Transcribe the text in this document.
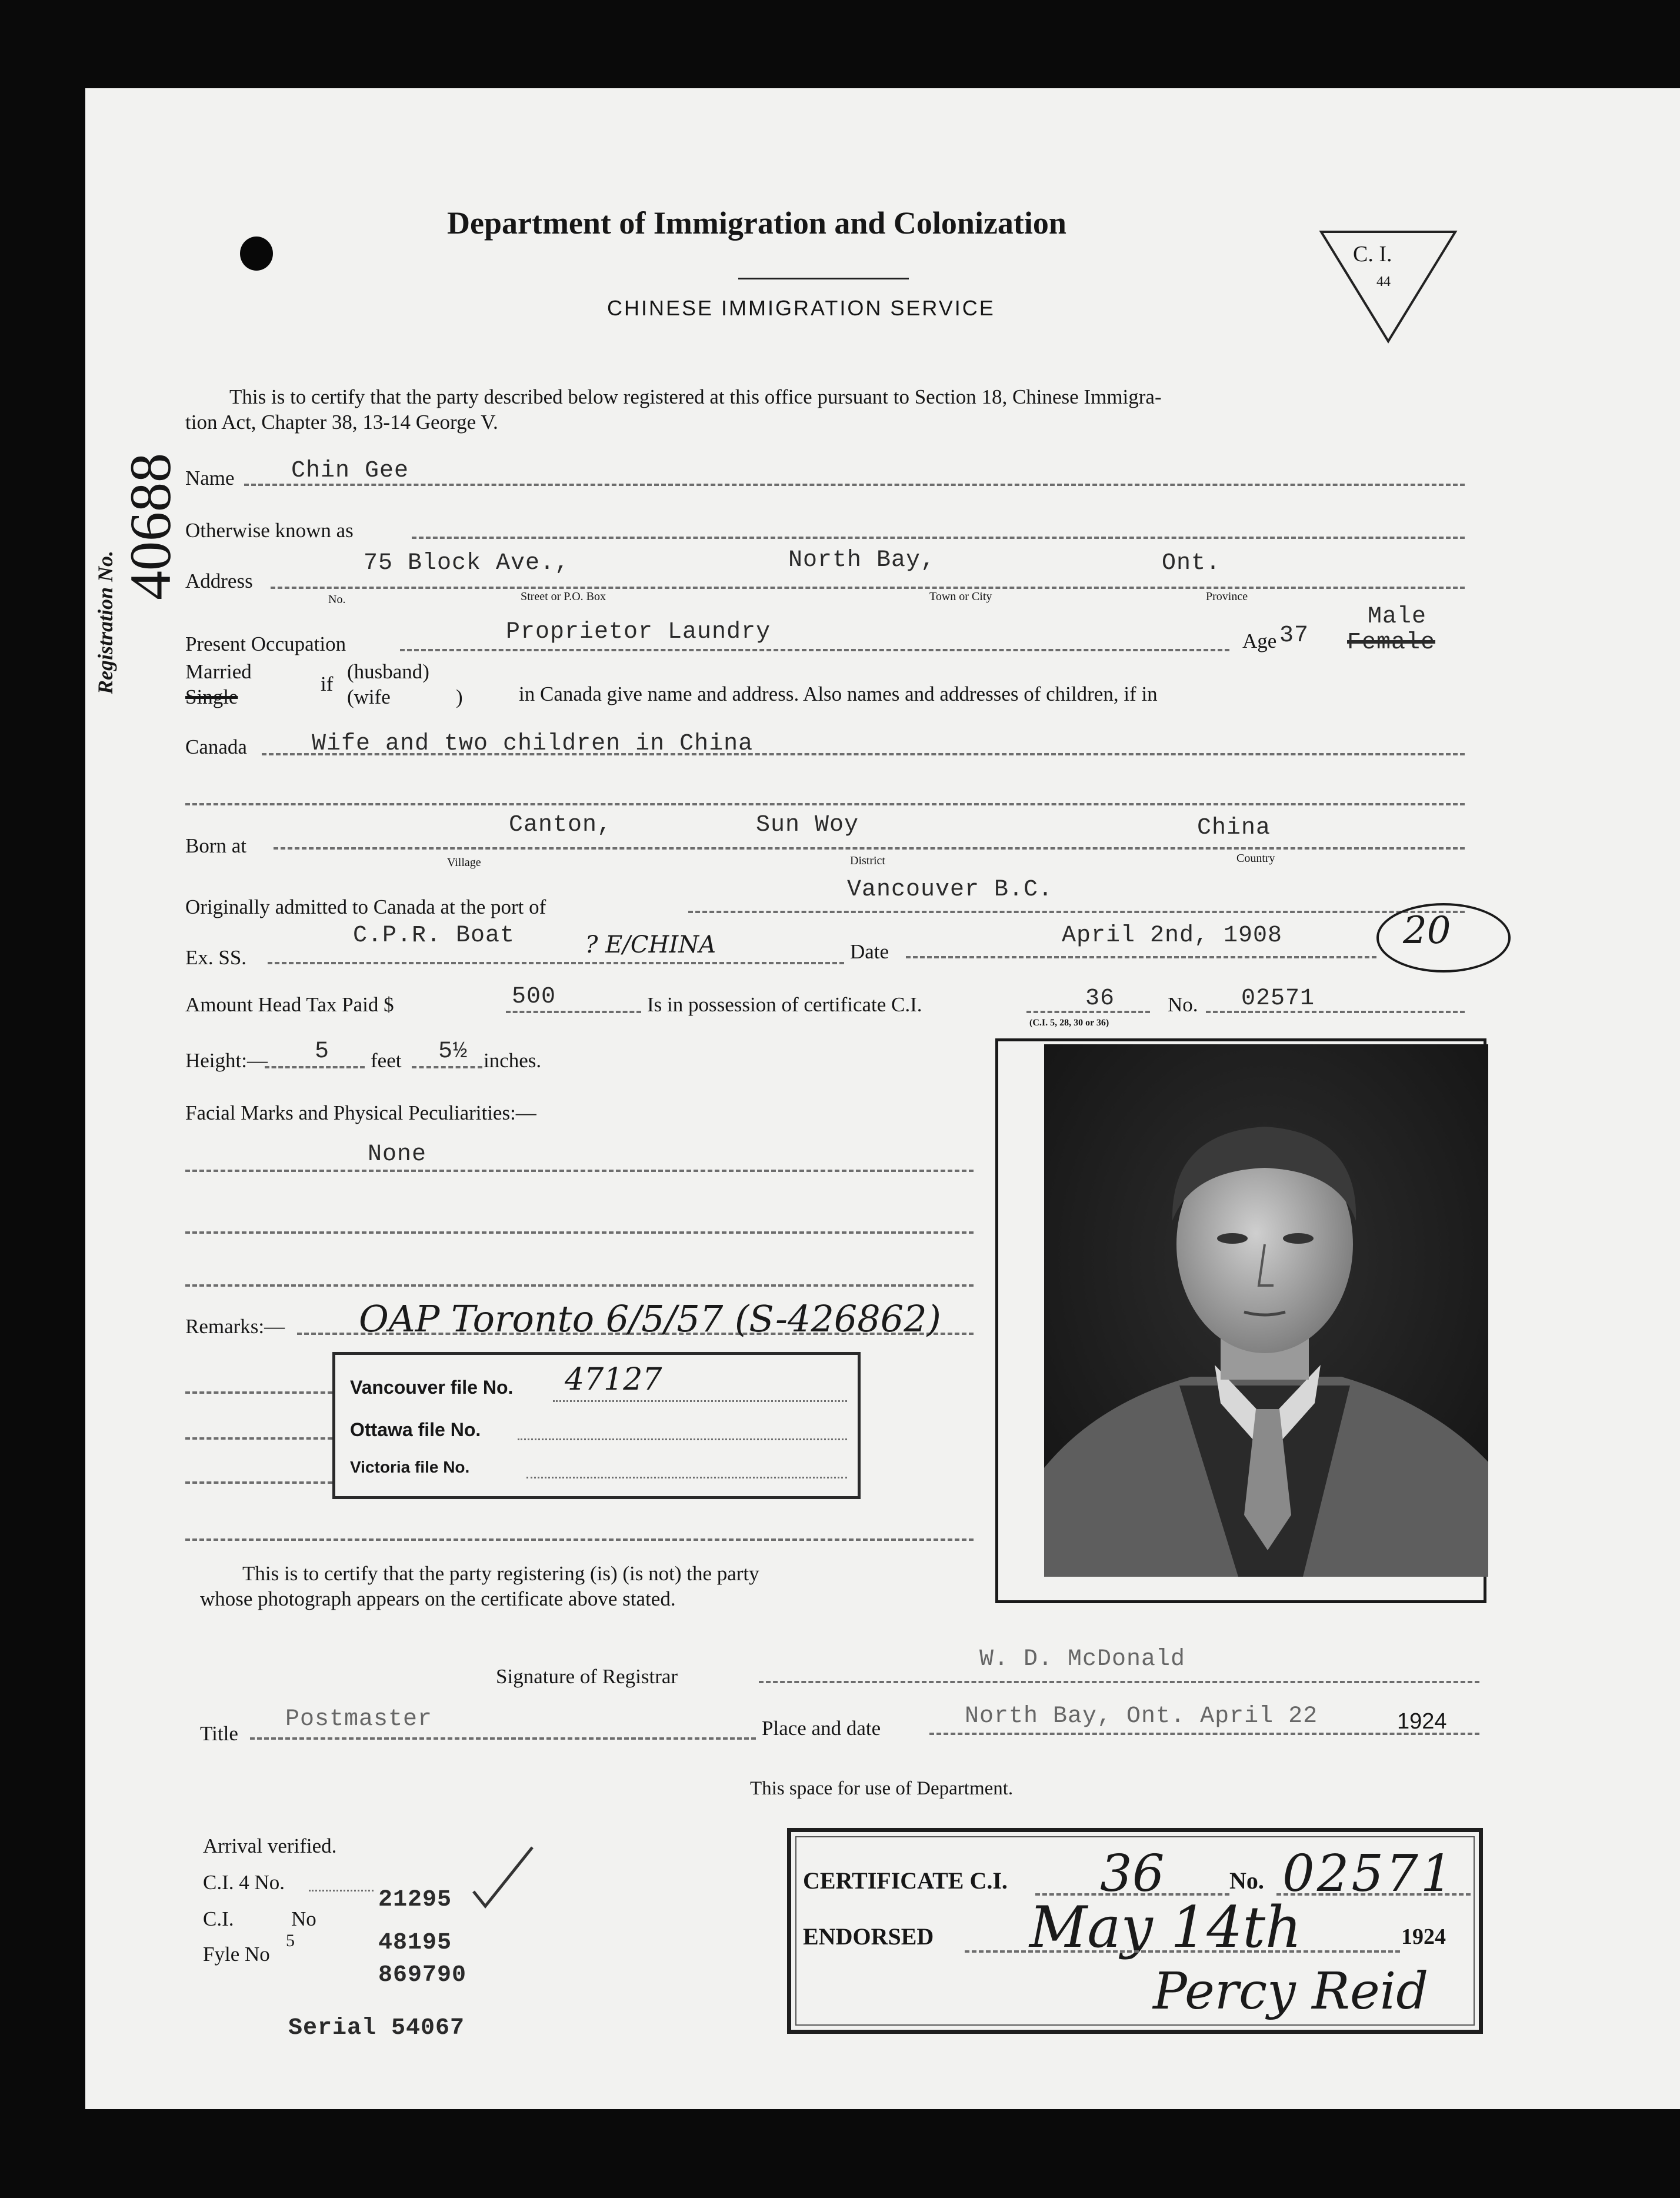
Department of Immigration and Colonization
CHINESE IMMIGRATION SERVICE
C. I.
44
Registration No.
40688
This is to certify that the party described below registered at this office pursuant to Section 18, Chinese Immigra-
tion Act, Chapter 38, 13-14 George V.
Name Chin Gee
Otherwise known as
Address
75 Block Ave.,	North Bay,	Ont.
No.	Street or P.O. Box	Town or City	Province
Present Occupation	Proprietor Laundry	Age 37
Male
Female
Married
Single
if
(husband)
(wife	)	in Canada give name and address. Also names and addresses of children, if in
Canada	Wife and two children in China
Born at
Canton,	Sun Woy	China
Village	District	Country
Originally admitted to Canada at the port of
Vancouver B.C.
Ex. SS.
C.P.R. Boat	? E/CHINA	Date
April 2nd, 1908	20
Amount Head Tax Paid $	500	Is in possession of certificate C.I.	36	No. 02571
(C.I. 5, 28, 30 or 36)
Height:— 5 feet 5½ inches.
Facial Marks and Physical Peculiarities:—
None
Remarks:— OAP Toronto 6/5/57 (S-426862)
Vancouver file No. 47127
Ottawa file No.
Victoria file No.
This is to certify that the party registering (is) (is not) the party
whose photograph appears on the certificate above stated.
Signature of Registrar
W. D. McDonald
Title
Postmaster	Place and date	North Bay, Ont. April 22	1924
This space for use of Department.
Arrival verified.
C.I. 4 No.
21295
C.I.	No
Fyle No
5	48195
869790
Serial 54067
CERTIFICATE C.I. 36	No. 02571
ENDORSED May 14th	1924
Percy Reid
